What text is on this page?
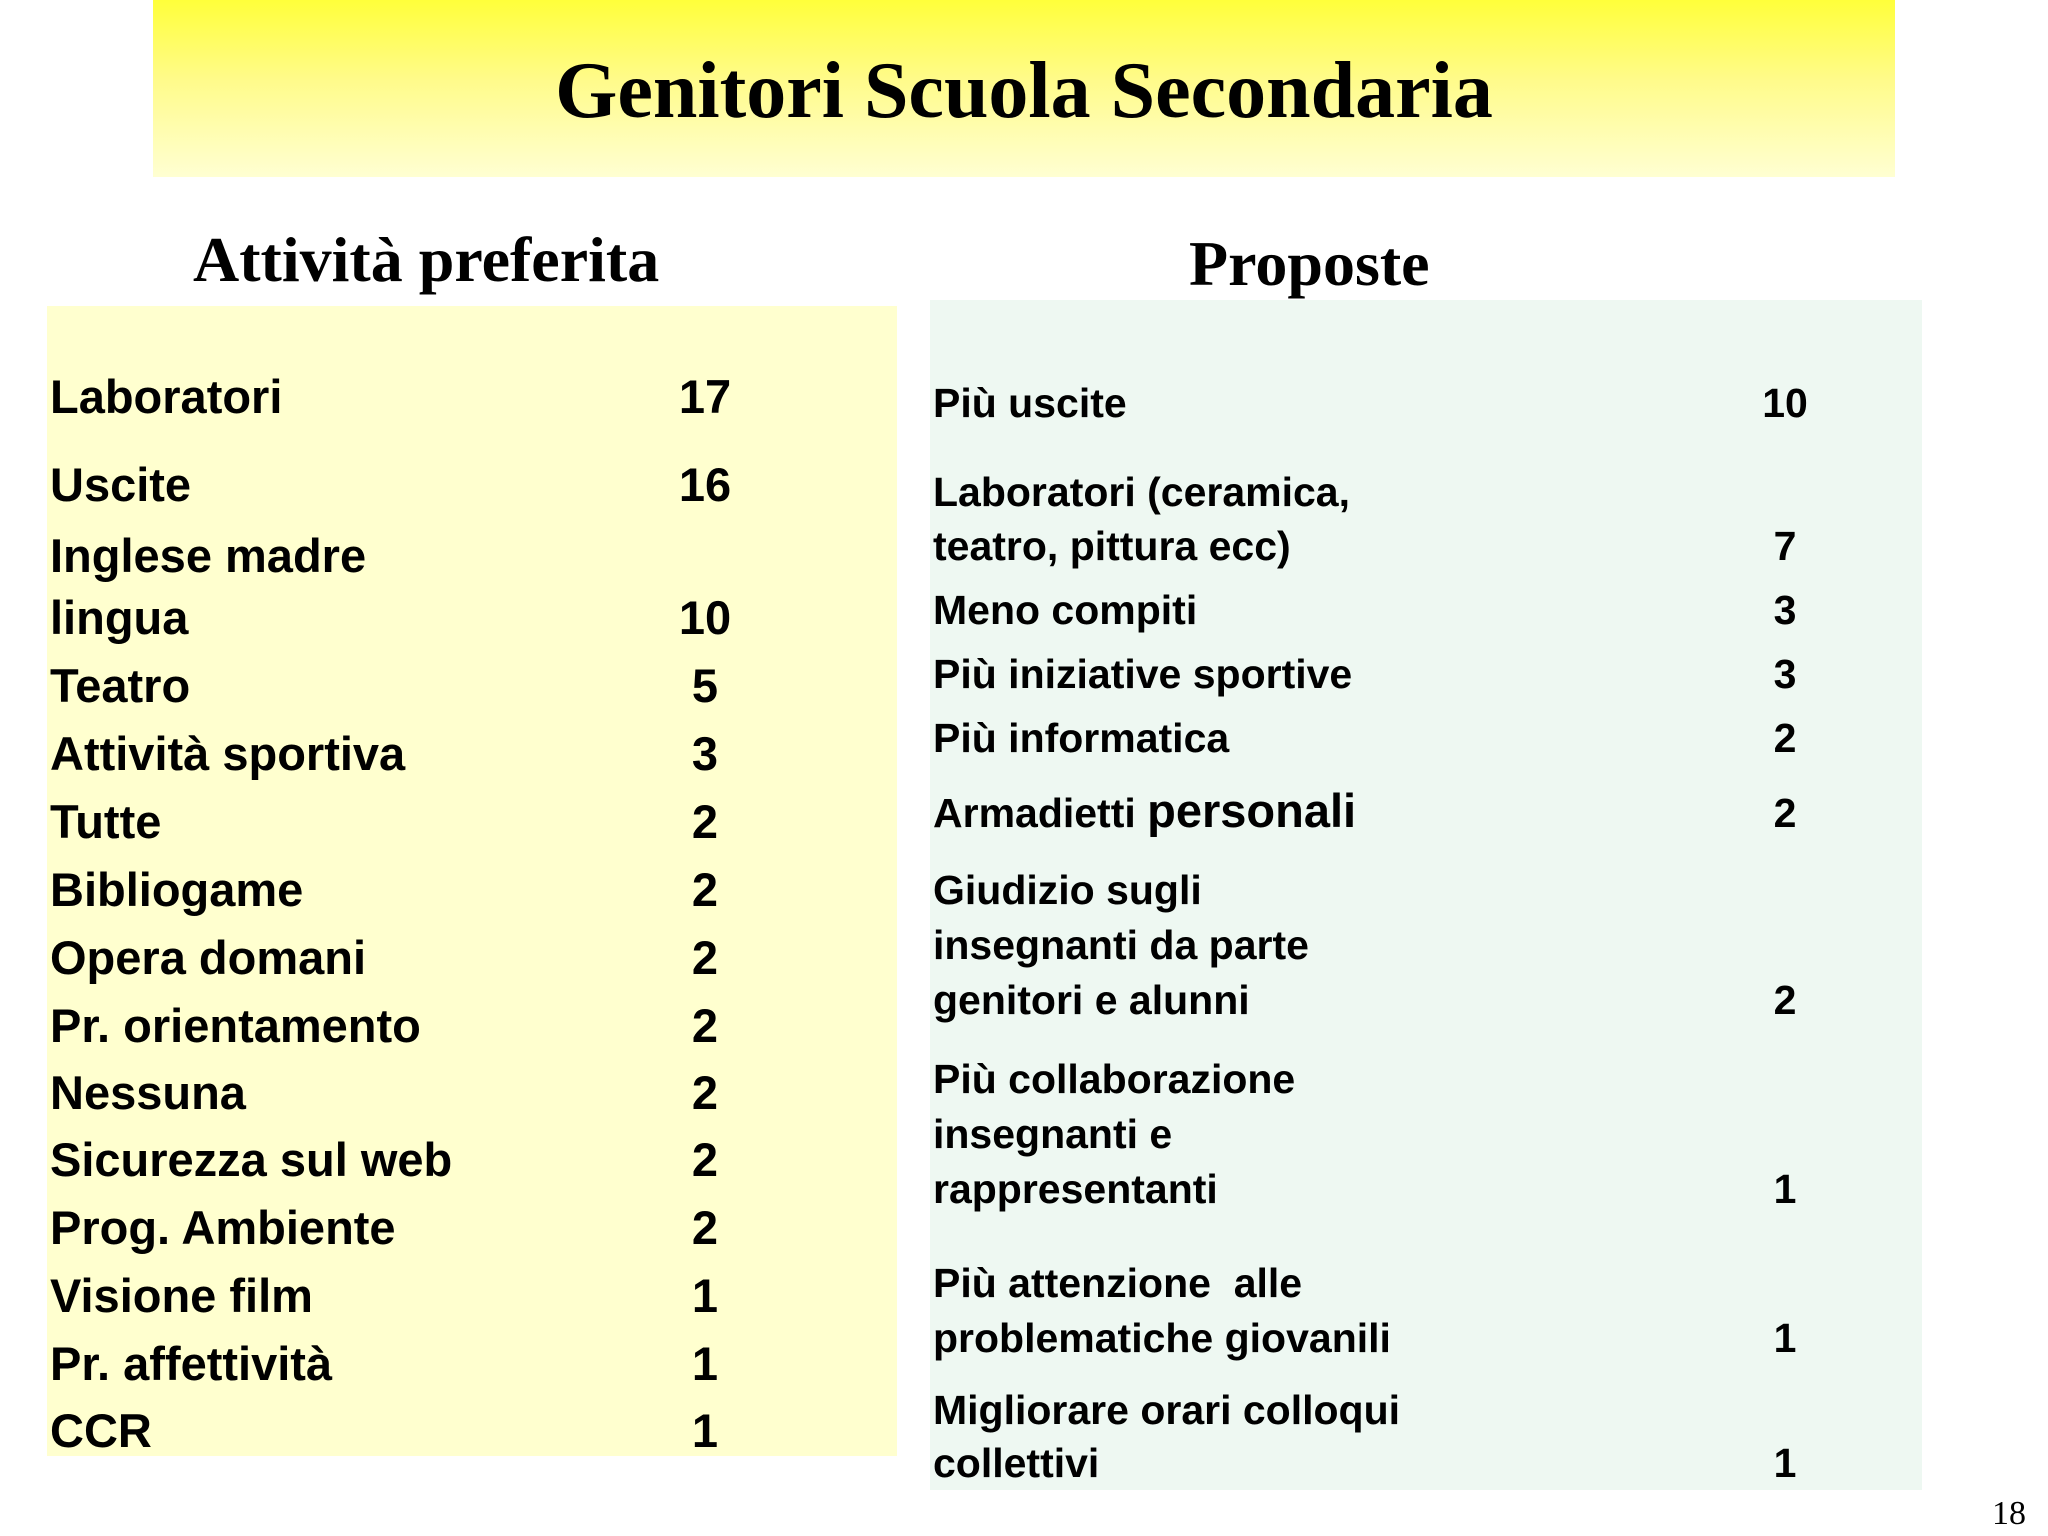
Genitori Scuola Secondaria
Attività preferita	Proposte
Laboratori	17
Uscite	16
Inglese madre
lingua	10
Teatro	5
Attività sportiva	3
Tutte	2
Bibliogame	2
Opera domani	2
Pr. orientamento	2
Nessuna	2
Sicurezza sul web	2
Prog. Ambiente	2
Visione film	1
Pr. affettività	1
CCR	1
Più uscite	10
Laboratori (ceramica,
teatro, pittura ecc)	7
Meno compiti	3
Più iniziative sportive	3
Più informatica	2
Armadietti personali	2
Giudizio sugli
insegnanti da parte
genitori e alunni	2
Più collaborazione
insegnanti e
rappresentanti	1
Più attenzione  alle
problematiche giovanili	1
Migliorare orari colloqui
collettivi	1
18
